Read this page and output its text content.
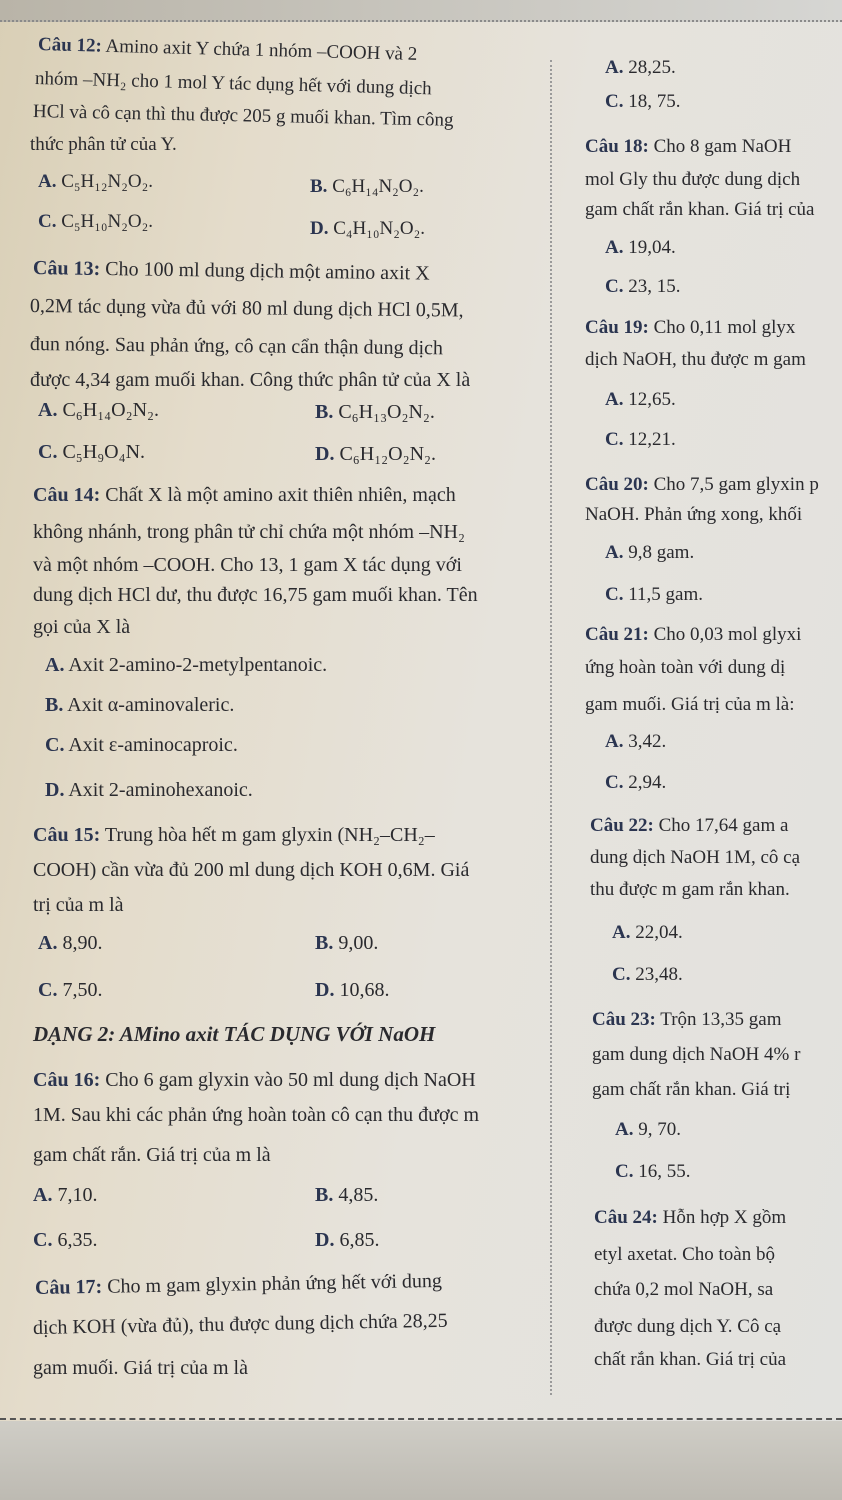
Câu 12: Amino axit Y chứa 1 nhóm –COOH và 2
nhóm –NH₂ cho 1 mol Y tác dụng hết với dung dịch
HCl và cô cạn thì thu được 205 g muối khan. Tìm công
thức phân tử của Y.
A. C₅H₁₂N₂O₂.	B. C₆H₁₄N₂O₂.
C. C₅H₁₀N₂O₂.	D. C₄H₁₀N₂O₂.
Câu 13: Cho 100 ml dung dịch một amino axit X
0,2M tác dụng vừa đủ với 80 ml dung dịch HCl 0,5M,
đun nóng. Sau phản ứng, cô cạn cẩn thận dung dịch
được 4,34 gam muối khan. Công thức phân tử của X là
A. C₆H₁₄O₂N₂.	B. C₆H₁₃O₂N₂.
C. C₅H₉O₄N.	D. C₆H₁₂O₂N₂.
Câu 14: Chất X là một amino axit thiên nhiên, mạch
không nhánh, trong phân tử chỉ chứa một nhóm –NH₂
và một nhóm –COOH. Cho 13, 1 gam X tác dụng với
dung dịch HCl dư, thu được 16,75 gam muối khan. Tên
gọi của X là
A. Axit 2-amino-2-metylpentanoic.
B. Axit α-aminovaleric.
C. Axit ε-aminocaproic.
D. Axit 2-aminohexanoic.
Câu 15: Trung hòa hết m gam glyxin (NH₂–CH₂–
COOH) cần vừa đủ 200 ml dung dịch KOH 0,6M. Giá
trị của m là
A. 8,90.	B. 9,00.
C. 7,50.	D. 10,68.
DẠNG 2: AMino axit TÁC DỤNG VỚI NaOH
Câu 16: Cho 6 gam glyxin vào 50 ml dung dịch NaOH
1M. Sau khi các phản ứng hoàn toàn cô cạn thu được m
gam chất rắn. Giá trị của m là
A. 7,10.	B. 4,85.
C. 6,35.	D. 6,85.
Câu 17: Cho m gam glyxin phản ứng hết với dung
dịch KOH (vừa đủ), thu được dung dịch chứa 28,25
gam muối. Giá trị của m là
A. 28,25.
C. 18, 75.
Câu 18: Cho 8 gam NaOH
mol Gly thu được dung dịch
gam chất rắn khan. Giá trị của
A. 19,04.
C. 23, 15.
Câu 19: Cho 0,11 mol glyx
dịch NaOH, thu được m gam
A. 12,65.
C. 12,21.
Câu 20: Cho 7,5 gam glyxin p
NaOH. Phản ứng xong, khối
A. 9,8 gam.
C. 11,5 gam.
Câu 21: Cho 0,03 mol glyxi
ứng hoàn toàn với dung dị
gam muối. Giá trị của m là:
A. 3,42.
C. 2,94.
Câu 22: Cho 17,64 gam a
dung dịch NaOH 1M, cô cạ
thu được m gam rắn khan.
A. 22,04.
C. 23,48.
Câu 23: Trộn 13,35 gam
gam dung dịch NaOH 4% r
gam chất rắn khan. Giá trị
A. 9, 70.
C. 16, 55.
Câu 24: Hỗn hợp X gồm
etyl axetat. Cho toàn bộ
chứa 0,2 mol NaOH, sa
được dung dịch Y. Cô cạ
chất rắn khan. Giá trị của
